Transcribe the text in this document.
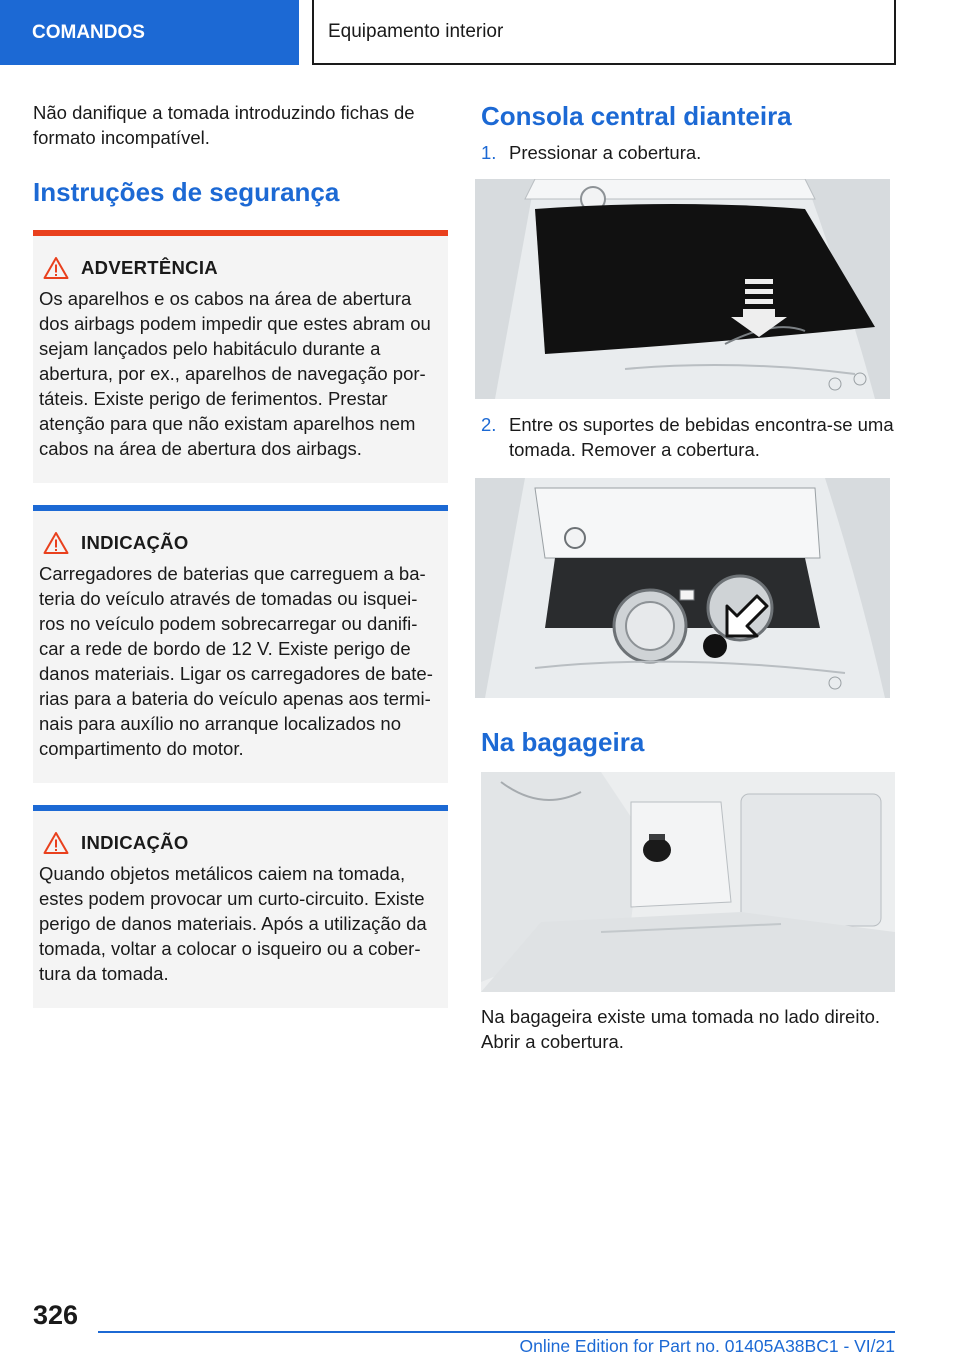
COMANDOS	Equipamento interior

Não danifique a tomada introduzindo fichas de formato incompatível.

Instruções de segurança
ADVERTÊNCIA
Os aparelhos e os cabos na área de abertura dos airbags podem impedir que estes abram ou sejam lançados pelo habitáculo durante a abertura, por ex., aparelhos de navegação por-táteis. Existe perigo de ferimentos. Prestar atenção para que não existam aparelhos nem cabos na área de abertura dos airbags.
INDICAÇÃO
Carregadores de baterias que carreguem a ba-teria do veículo através de tomadas ou isquei-ros no veículo podem sobrecarregar ou danifi-car a rede de bordo de 12 V. Existe perigo de danos materiais. Ligar os carregadores de bate-rias para a bateria do veículo apenas aos termi-nais para auxílio no arranque localizados no compartimento do motor.
INDICAÇÃO
Quando objetos metálicos caiem na tomada, estes podem provocar um curto-circuito. Existe perigo de danos materiais. Após a utilização da tomada, voltar a colocar o isqueiro ou a cober-tura da tomada.
Consola central dianteira
1. Pressionar a cobertura.
2. Entre os suportes de bebidas encontra-se uma tomada. Remover a cobertura.
Na bagageira

Na bagageira existe uma tomada no lado direito. Abrir a cobertura.

326
Online Edition for Part no. 01405A38BC1 - VI/21
